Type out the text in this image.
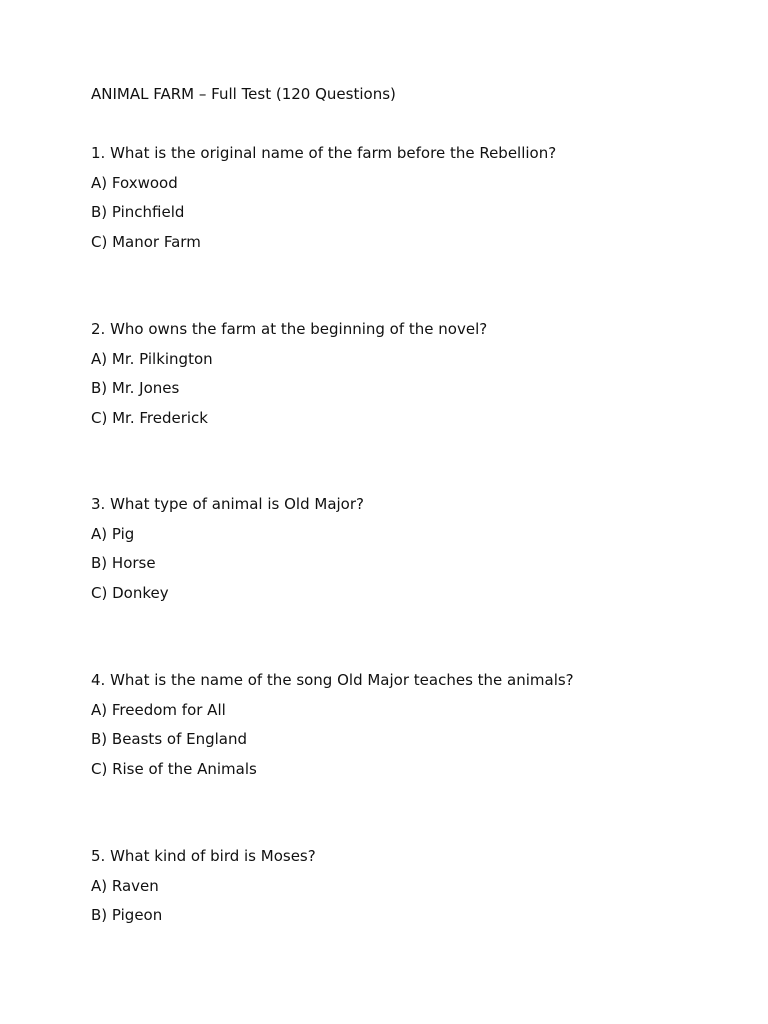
ANIMAL FARM – Full Test (120 Questions)
1. What is the original name of the farm before the Rebellion?
A) Foxwood
B) Pinchfield
C) Manor Farm
2. Who owns the farm at the beginning of the novel?
A) Mr. Pilkington
B) Mr. Jones
C) Mr. Frederick
3. What type of animal is Old Major?
A) Pig
B) Horse
C) Donkey
4. What is the name of the song Old Major teaches the animals?
A) Freedom for All
B) Beasts of England
C) Rise of the Animals
5. What kind of bird is Moses?
A) Raven
B) Pigeon
